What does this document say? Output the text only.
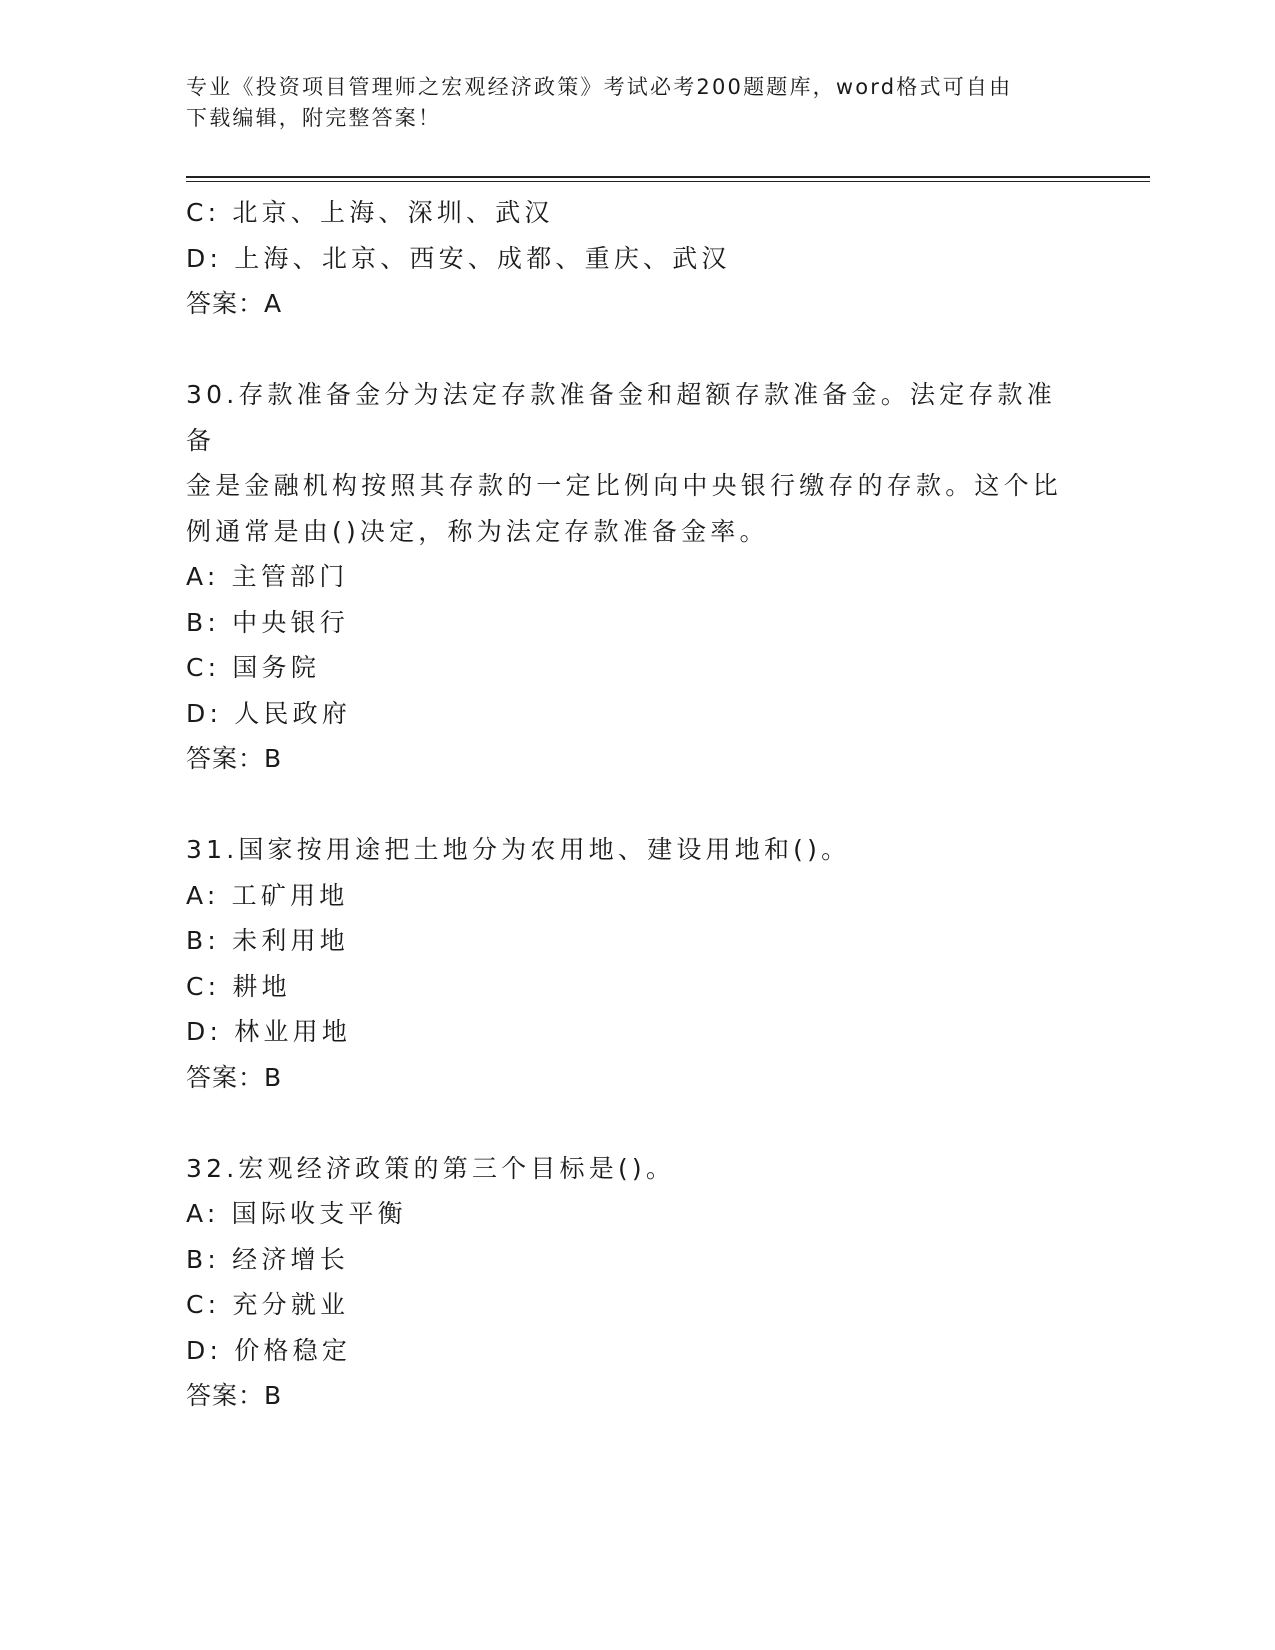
专业《投资项目管理师之宏观经济政策》考试必考200题题库，word格式可自由
下载编辑，附完整答案！
C: 北京、上海、深圳、武汉
D: 上海、北京、西安、成都、重庆、武汉
答案：A
30.存款准备金分为法定存款准备金和超额存款准备金。法定存款准备
金是金融机构按照其存款的一定比例向中央银行缴存的存款。这个比
例通常是由()决定，称为法定存款准备金率。
A: 主管部门
B: 中央银行
C: 国务院
D: 人民政府
答案：B
31.国家按用途把土地分为农用地、建设用地和()。
A: 工矿用地
B: 未利用地
C: 耕地
D: 林业用地
答案：B
32.宏观经济政策的第三个目标是()。
A: 国际收支平衡
B: 经济增长
C: 充分就业
D: 价格稳定
答案：B
